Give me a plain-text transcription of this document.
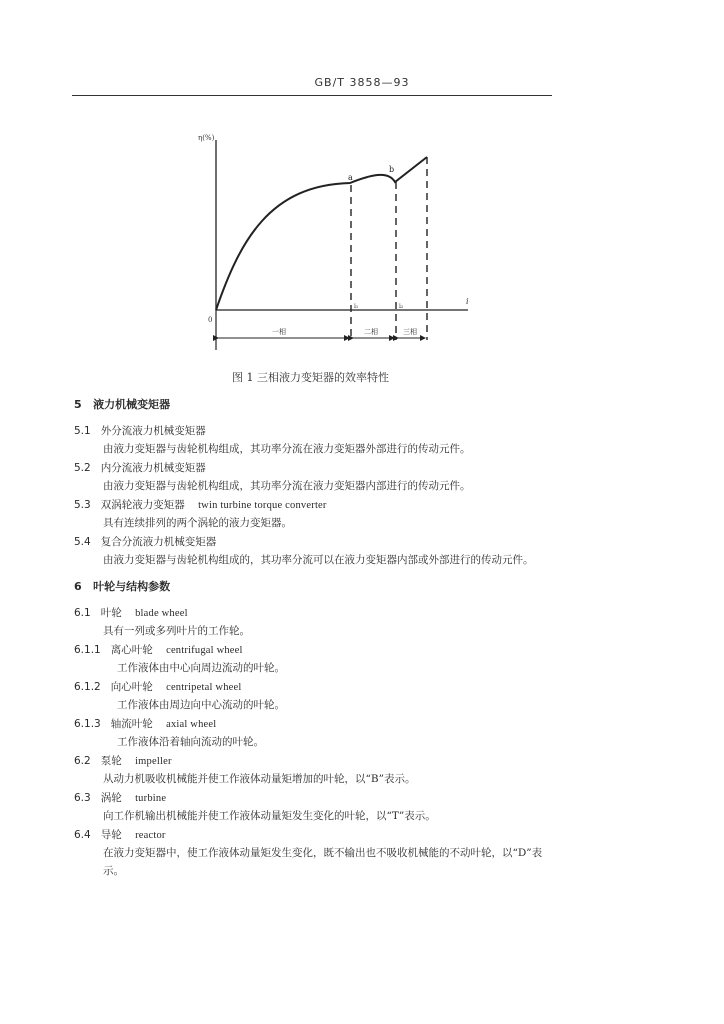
GB/T 3858—93
η(%)
i
0
a
b
i₁	i₂
一相	二相	三相
图 1 三相液力变矩器的效率特性
5 液力机械变矩器
5.1 外分流液力机械变矩器
由液力变矩器与齿轮机构组成，其功率分流在液力变矩器外部进行的传动元件。
5.2 内分流液力机械变矩器
由液力变矩器与齿轮机构组成，其功率分流在液力变矩器内部进行的传动元件。
5.3 双涡轮液力变矩器 twin turbine torque converter
具有连续排列的两个涡轮的液力变矩器。
5.4 复合分流液力机械变矩器
由液力变矩器与齿轮机构组成的，其功率分流可以在液力变矩器内部或外部进行的传动元件。
6 叶轮与结构参数
6.1 叶轮 blade wheel
具有一列或多列叶片的工作轮。
6.1.1 离心叶轮 centrifugal wheel
工作液体由中心向周边流动的叶轮。
6.1.2 向心叶轮 centripetal wheel
工作液体由周边向中心流动的叶轮。
6.1.3 轴流叶轮 axial wheel
工作液体沿着轴向流动的叶轮。
6.2 泵轮 impeller
从动力机吸收机械能并使工作液体动量矩增加的叶轮，以“B”表示。
6.3 涡轮 turbine
向工作机输出机械能并使工作液体动量矩发生变化的叶轮，以“T”表示。
6.4 导轮 reactor
在液力变矩器中，使工作液体动量矩发生变化，既不输出也不吸收机械能的不动叶轮，以“D”表
示。
